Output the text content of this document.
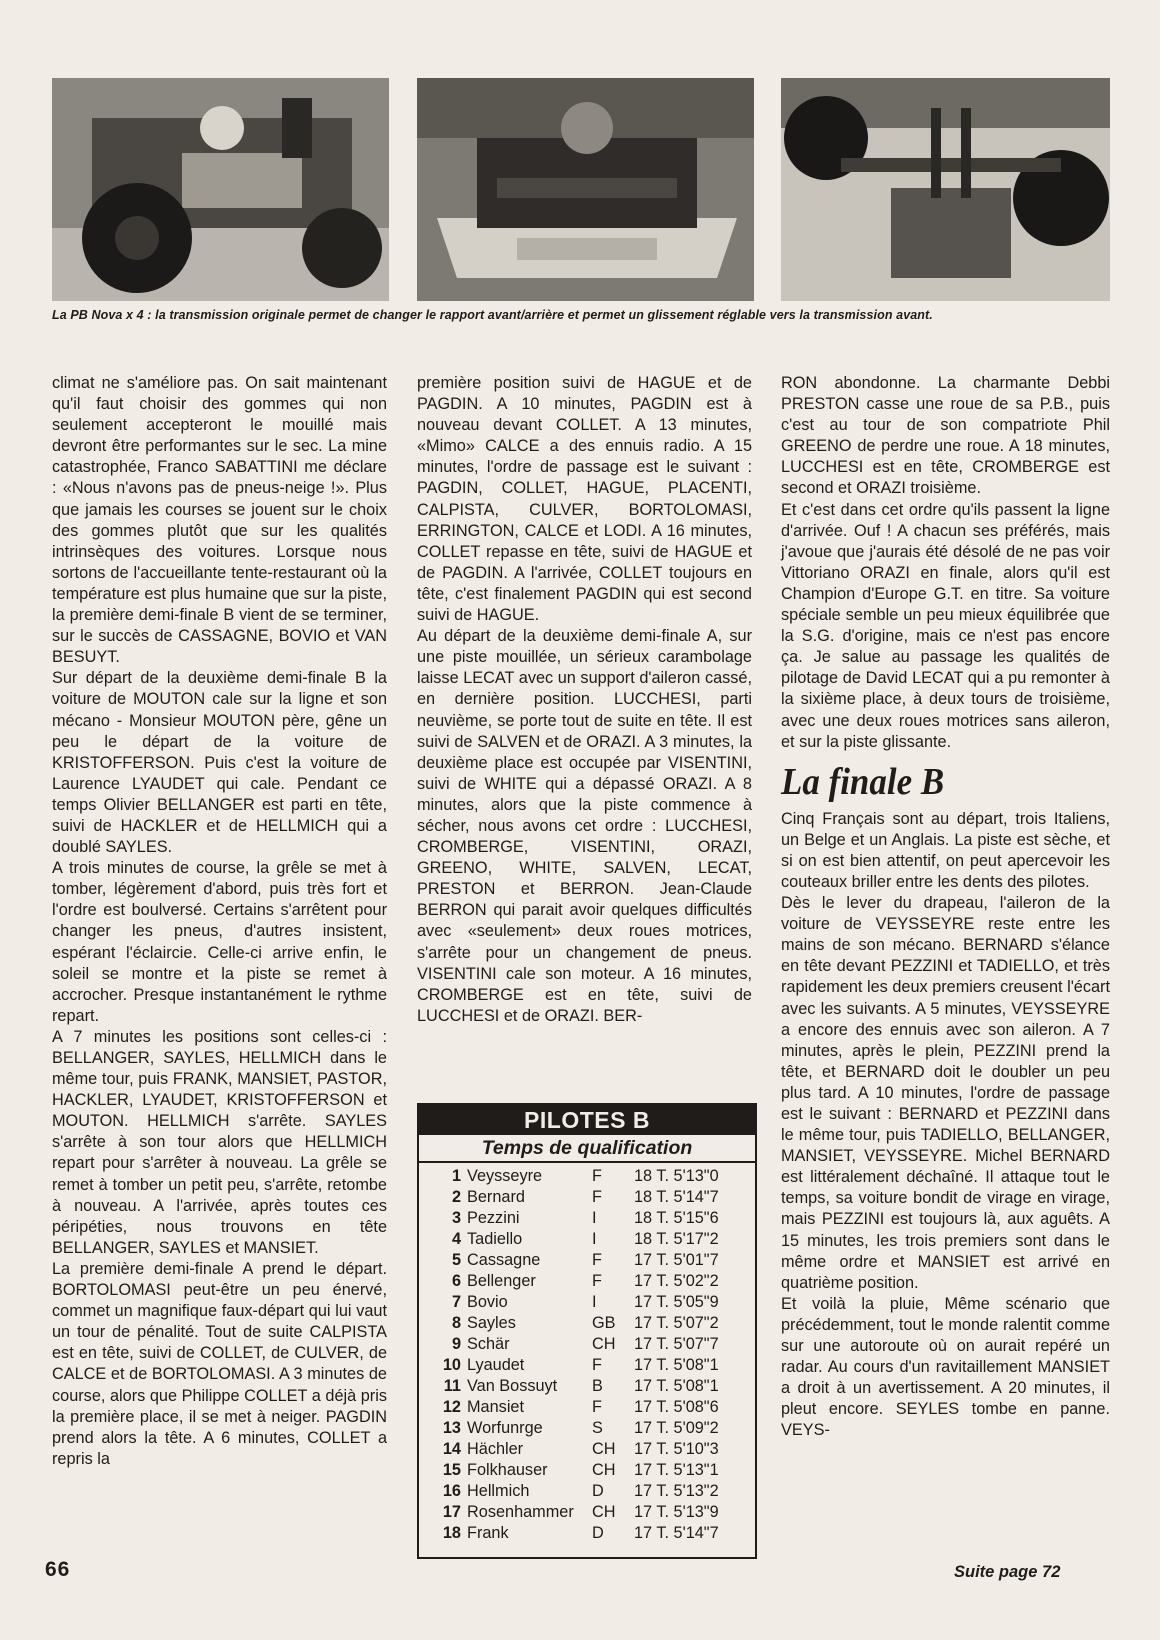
La PB Nova x 4 : la transmission originale permet de changer le rapport avant/arrière et permet un glissement réglable vers la transmission avant.

climat ne s'améliore pas. On sait maintenant qu'il faut choisir des gommes qui non seulement accepteront le mouillé mais devront être performantes sur le sec. La mine catastrophée, Franco SABATTINI me déclare : «Nous n'avons pas de pneus-neige !». Plus que jamais les courses se jouent sur le choix des gommes plutôt que sur les qualités intrinsèques des voitures. Lorsque nous sortons de l'accueillante tente-restaurant où la température est plus humaine que sur la piste, la première demi-finale B vient de se terminer, sur le succès de CASSAGNE, BOVIO et VAN BESUYT.

Sur départ de la deuxième demi-finale B la voiture de MOUTON cale sur la ligne et son mécano - Monsieur MOUTON père, gêne un peu le départ de la voiture de KRISTOFFERSON. Puis c'est la voiture de Laurence LYAUDET qui cale. Pendant ce temps Olivier BELLANGER est parti en tête, suivi de HACKLER et de HELLMICH qui a doublé SAYLES.

A trois minutes de course, la grêle se met à tomber, légèrement d'abord, puis très fort et l'ordre est boulversé. Certains s'arrêtent pour changer les pneus, d'autres insistent, espérant l'éclaircie. Celle-ci arrive enfin, le soleil se montre et la piste se remet à accrocher. Presque instantanément le rythme repart.

A 7 minutes les positions sont celles-ci : BELLANGER, SAYLES, HELLMICH dans le même tour, puis FRANK, MANSIET, PASTOR, HACKLER, LYAUDET, KRISTOFFERSON et MOUTON. HELLMICH s'arrête. SAYLES s'arrête à son tour alors que HELLMICH repart pour s'arrêter à nouveau. La grêle se remet à tomber un petit peu, s'arrête, retombe à nouveau. A l'arrivée, après toutes ces péripéties, nous trouvons en tête BELLANGER, SAYLES et MANSIET.

La première demi-finale A prend le départ. BORTOLOMASI peut-être un peu énervé, commet un magnifique faux-départ qui lui vaut un tour de pénalité. Tout de suite CALPISTA est en tête, suivi de COLLET, de CULVER, de CALCE et de BORTOLOMASI. A 3 minutes de course, alors que Philippe COLLET a déjà pris la première place, il se met à neiger. PAGDIN prend alors la tête. A 6 minutes, COLLET a repris la

première position suivi de HAGUE et de PAGDIN. A 10 minutes, PAGDIN est à nouveau devant COLLET. A 13 minutes, «Mimo» CALCE a des ennuis radio. A 15 minutes, l'ordre de passage est le suivant : PAGDIN, COLLET, HAGUE, PLACENTI, CALPISTA, CULVER, BORTOLOMASI, ERRINGTON, CALCE et LODI. A 16 minutes, COLLET repasse en tête, suivi de HAGUE et de PAGDIN. A l'arrivée, COLLET toujours en tête, c'est finalement PAGDIN qui est second suivi de HAGUE.

Au départ de la deuxième demi-finale A, sur une piste mouillée, un sérieux carambolage laisse LECAT avec un support d'aileron cassé, en dernière position. LUCCHESI, parti neuvième, se porte tout de suite en tête. Il est suivi de SALVEN et de ORAZI. A 3 minutes, la deuxième place est occupée par VISENTINI, suivi de WHITE qui a dépassé ORAZI. A 8 minutes, alors que la piste commence à sécher, nous avons cet ordre : LUCCHESI, CROMBERGE, VISENTINI, ORAZI, GREENO, WHITE, SALVEN, LECAT, PRESTON et BERRON. Jean-Claude BERRON qui parait avoir quelques difficultés avec «seulement» deux roues motrices, s'arrête pour un changement de pneus. VISENTINI cale son moteur. A 16 minutes, CROMBERGE est en tête, suivi de LUCCHESI et de ORAZI. BER-

RON abondonne. La charmante Debbi PRESTON casse une roue de sa P.B., puis c'est au tour de son compatriote Phil GREENO de perdre une roue. A 18 minutes, LUCCHESI est en tête, CROMBERGE est second et ORAZI troisième.

Et c'est dans cet ordre qu'ils passent la ligne d'arrivée. Ouf ! A chacun ses préférés, mais j'avoue que j'aurais été désolé de ne pas voir Vittoriano ORAZI en finale, alors qu'il est Champion d'Europe G.T. en titre. Sa voiture spéciale semble un peu mieux équilibrée que la S.G. d'origine, mais ce n'est pas encore ça. Je salue au passage les qualités de pilotage de David LECAT qui a pu remonter à la sixième place, à deux tours de troisième, avec une deux roues motrices sans aileron, et sur la piste glissante.

La finale B

Cinq Français sont au départ, trois Italiens, un Belge et un Anglais. La piste est sèche, et si on est bien attentif, on peut apercevoir les couteaux briller entre les dents des pilotes.

Dès le lever du drapeau, l'aileron de la voiture de VEYSSEYRE reste entre les mains de son mécano. BERNARD s'élance en tête devant PEZZINI et TADIELLO, et très rapidement les deux premiers creusent l'écart avec les suivants. A 5 minutes, VEYSSEYRE a encore des ennuis avec son aileron. A 7 minutes, après le plein, PEZZINI prend la tête, et BERNARD doit le doubler un peu plus tard. A 10 minutes, l'ordre de passage est le suivant : BERNARD et PEZZINI dans le même tour, puis TADIELLO, BELLANGER, MANSIET, VEYSSEYRE. Michel BERNARD est littéralement déchaîné. Il attaque tout le temps, sa voiture bondit de virage en virage, mais PEZZINI est toujours là, aux aguêts. A 15 minutes, les trois premiers sont dans le même ordre et MANSIET est arrivé en quatrième position.

Et voilà la pluie, Même scénario que précédemment, tout le monde ralentit comme sur une autoroute où on aurait repéré un radar. Au cours d'un ravitaillement MANSIET a droit à un avertissement. A 20 minutes, il pleut encore. SEYLES tombe en panne. VEYS-

PILOTES B
Temps de qualification
1 Veysseyre	F	18 T. 5'13"0
2 Bernard	F	18 T. 5'14"7
3 Pezzini	I	18 T. 5'15"6
4 Tadiello	I	18 T. 5'17"2
5 Cassagne	F	17 T. 5'01"7
6 Bellenger	F	17 T. 5'02"2
7 Bovio	I	17 T. 5'05"9
8 Sayles	GB	17 T. 5'07"2
9 Schär	CH	17 T. 5'07"7
10 Lyaudet	F	17 T. 5'08"1
11 Van Bossuyt	B	17 T. 5'08"1
12 Mansiet	F	17 T. 5'08"6
13 Worfunrge	S	17 T. 5'09"2
14 Hächler	CH	17 T. 5'10"3
15 Folkhauser	CH	17 T. 5'13"1
16 Hellmich	D	17 T. 5'13"2
17 Rosenhammer	CH	17 T. 5'13"9
18 Frank	D	17 T. 5'14"7
66	Suite page 72
